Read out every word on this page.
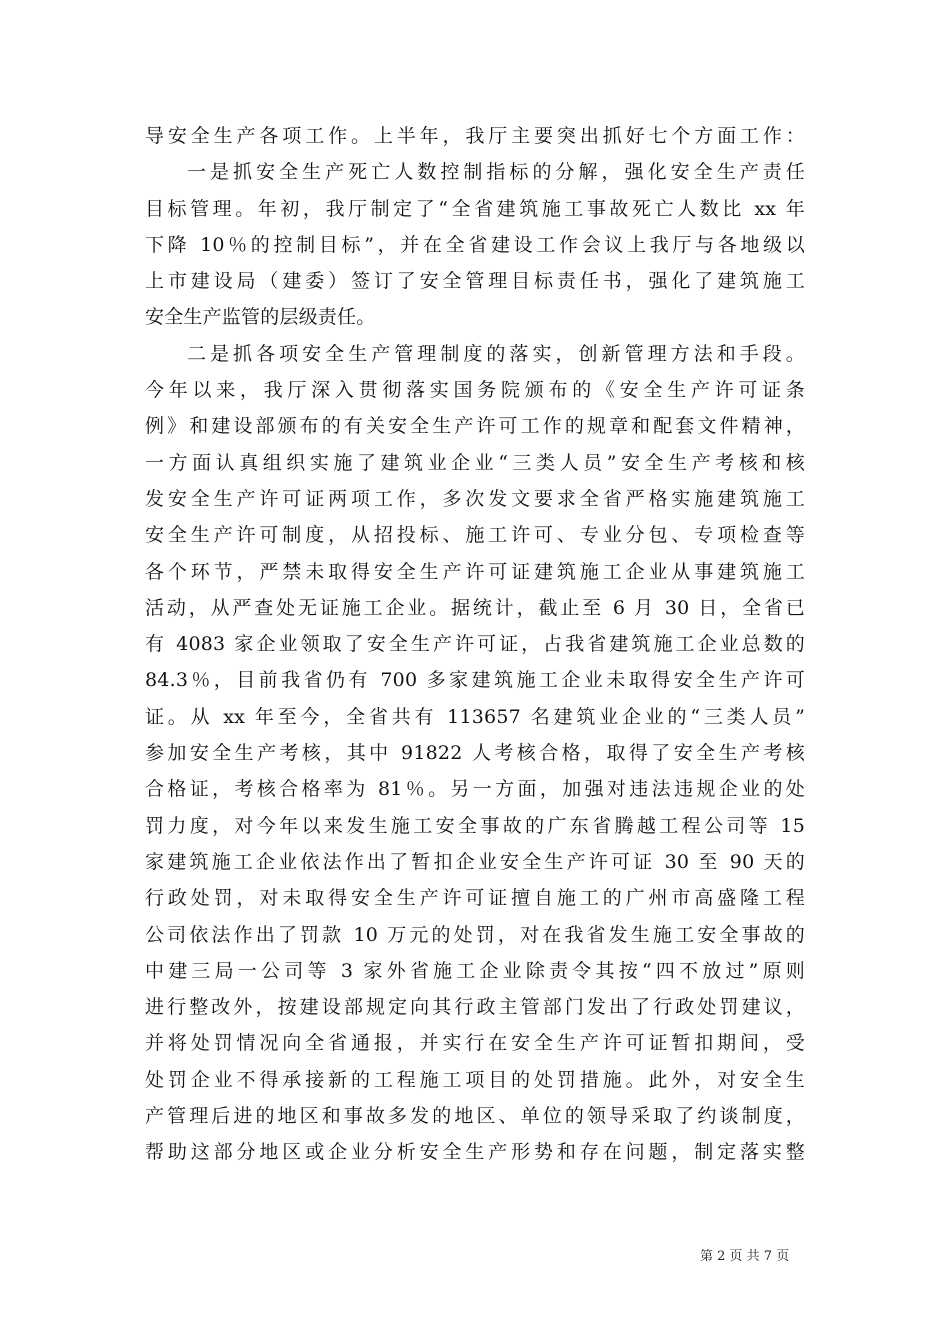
导安全生产各项工作。上半年，我厅主要突出抓好七个方面工作：
一是抓安全生产死亡人数控制指标的分解，强化安全生产责任
目标管理。年初，我厅制定了“全省建筑施工事故死亡人数比 xx 年
下降 10％的控制目标”，并在全省建设工作会议上我厅与各地级以
上市建设局（建委）签订了安全管理目标责任书，强化了建筑施工
安全生产监管的层级责任。
二是抓各项安全生产管理制度的落实，创新管理方法和手段。
今年以来，我厅深入贯彻落实国务院颁布的《安全生产许可证条
例》和建设部颁布的有关安全生产许可工作的规章和配套文件精神，
一方面认真组织实施了建筑业企业“三类人员”安全生产考核和核
发安全生产许可证两项工作，多次发文要求全省严格实施建筑施工
安全生产许可制度，从招投标、施工许可、专业分包、专项检查等
各个环节，严禁未取得安全生产许可证建筑施工企业从事建筑施工
活动，从严查处无证施工企业。据统计，截止至 6 月 30 日，全省已
有 4083 家企业领取了安全生产许可证，占我省建筑施工企业总数的
84.3％，目前我省仍有 700 多家建筑施工企业未取得安全生产许可
证。从 xx 年至今，全省共有 113657 名建筑业企业的“三类人员”
参加安全生产考核，其中 91822 人考核合格，取得了安全生产考核
合格证，考核合格率为 81％。另一方面，加强对违法违规企业的处
罚力度，对今年以来发生施工安全事故的广东省腾越工程公司等 15
家建筑施工企业依法作出了暂扣企业安全生产许可证 30 至 90 天的
行政处罚，对未取得安全生产许可证擅自施工的广州市高盛隆工程
公司依法作出了罚款 10 万元的处罚，对在我省发生施工安全事故的
中建三局一公司等 3 家外省施工企业除责令其按“四不放过”原则
进行整改外，按建设部规定向其行政主管部门发出了行政处罚建议，
并将处罚情况向全省通报，并实行在安全生产许可证暂扣期间，受
处罚企业不得承接新的工程施工项目的处罚措施。此外，对安全生
产管理后进的地区和事故多发的地区、单位的领导采取了约谈制度，
帮助这部分地区或企业分析安全生产形势和存在问题，制定落实整
第 2 页 共 7 页
